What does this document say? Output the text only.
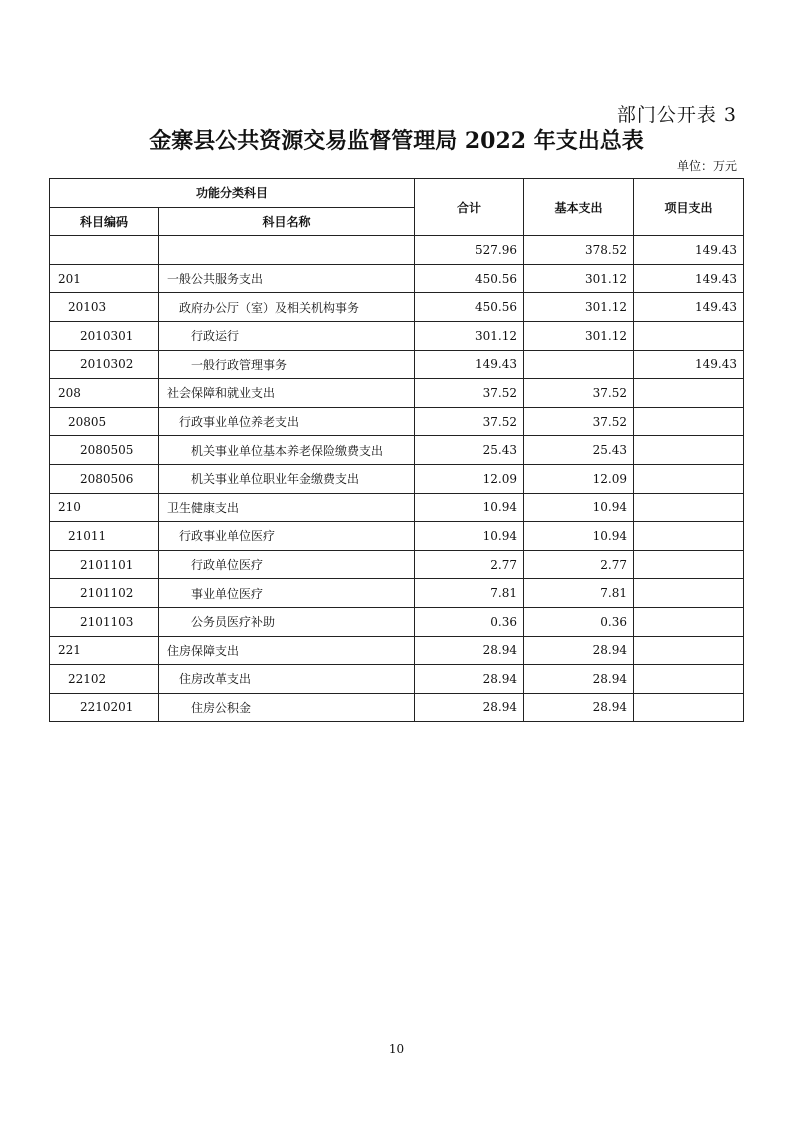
部门公开表 3
金寨县公共资源交易监督管理局 2022 年支出总表
单位：万元
功能分类科目		合计	基本支出	项目支出
科目编码	科目名称			
		527.96	378.52	149.43
201	一般公共服务支出	450.56	301.12	149.43
20103	政府办公厅（室）及相关机构事务	450.56	301.12	149.43
2010301	行政运行	301.12	301.12	
2010302	一般行政管理事务	149.43		149.43
208	社会保障和就业支出	37.52	37.52	
20805	行政事业单位养老支出	37.52	37.52	
2080505	机关事业单位基本养老保险缴费支出	25.43	25.43	
2080506	机关事业单位职业年金缴费支出	12.09	12.09	
210	卫生健康支出	10.94	10.94	
21011	行政事业单位医疗	10.94	10.94	
2101101	行政单位医疗	2.77	2.77	
2101102	事业单位医疗	7.81	7.81	
2101103	公务员医疗补助	0.36	0.36	
221	住房保障支出	28.94	28.94	
22102	住房改革支出	28.94	28.94	
2210201	住房公积金	28.94	28.94	
10
